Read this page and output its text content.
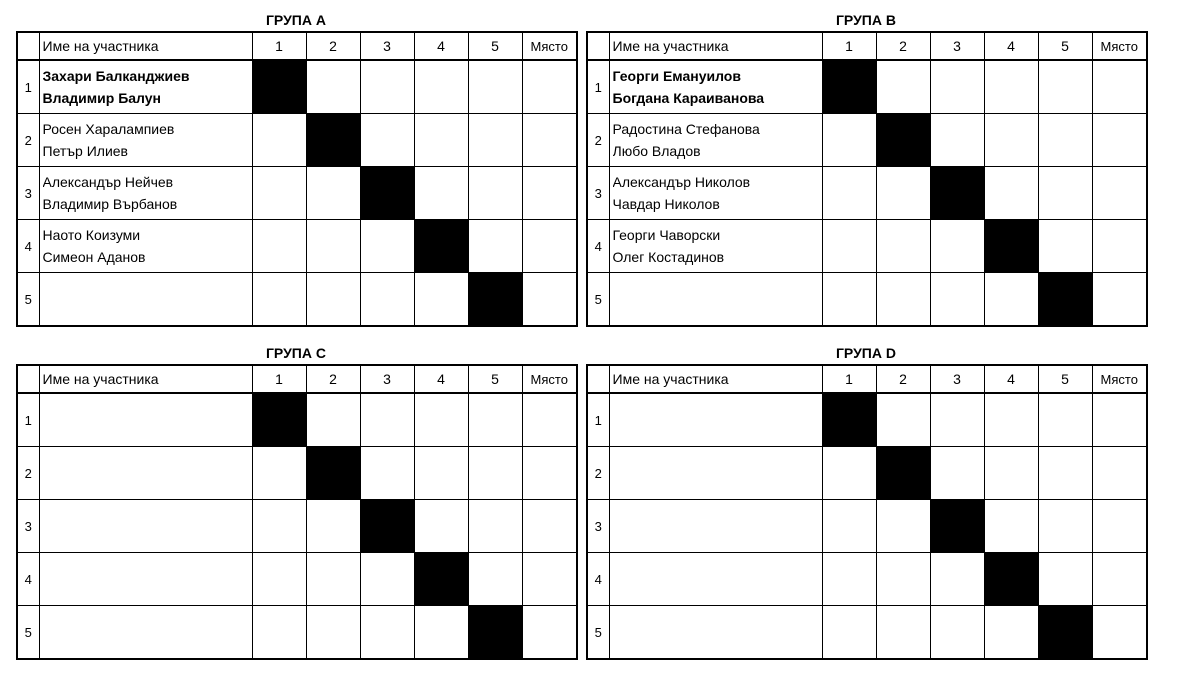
ГРУПА А
	Име на участника	1	2	3	4	5	Място
1	Захари Балканджиев
Владимир Балун						

2	Росен Харалампиев
Петър Илиев						

3	Александър Нейчев
Владимир Върбанов						

4	Наото Коизуми
Симеон Аданов						

5	

ГРУПА B
	Име на участника	1	2	3	4	5	Място
1	Георги Емануилов
Богдана Караиванова						

2	Радостина Стефанова
Любо Владов						

3	Александър Николов
Чавдар Николов						

4	Георги Чаворски
Олег Костадинов						

5	

ГРУПА C
	Име на участника	1	2	3	4	5	Място
1	

2	

3	

4	

5	

ГРУПА D
	Име на участника	1	2	3	4	5	Място
1	

2	

3	

4	

5	
